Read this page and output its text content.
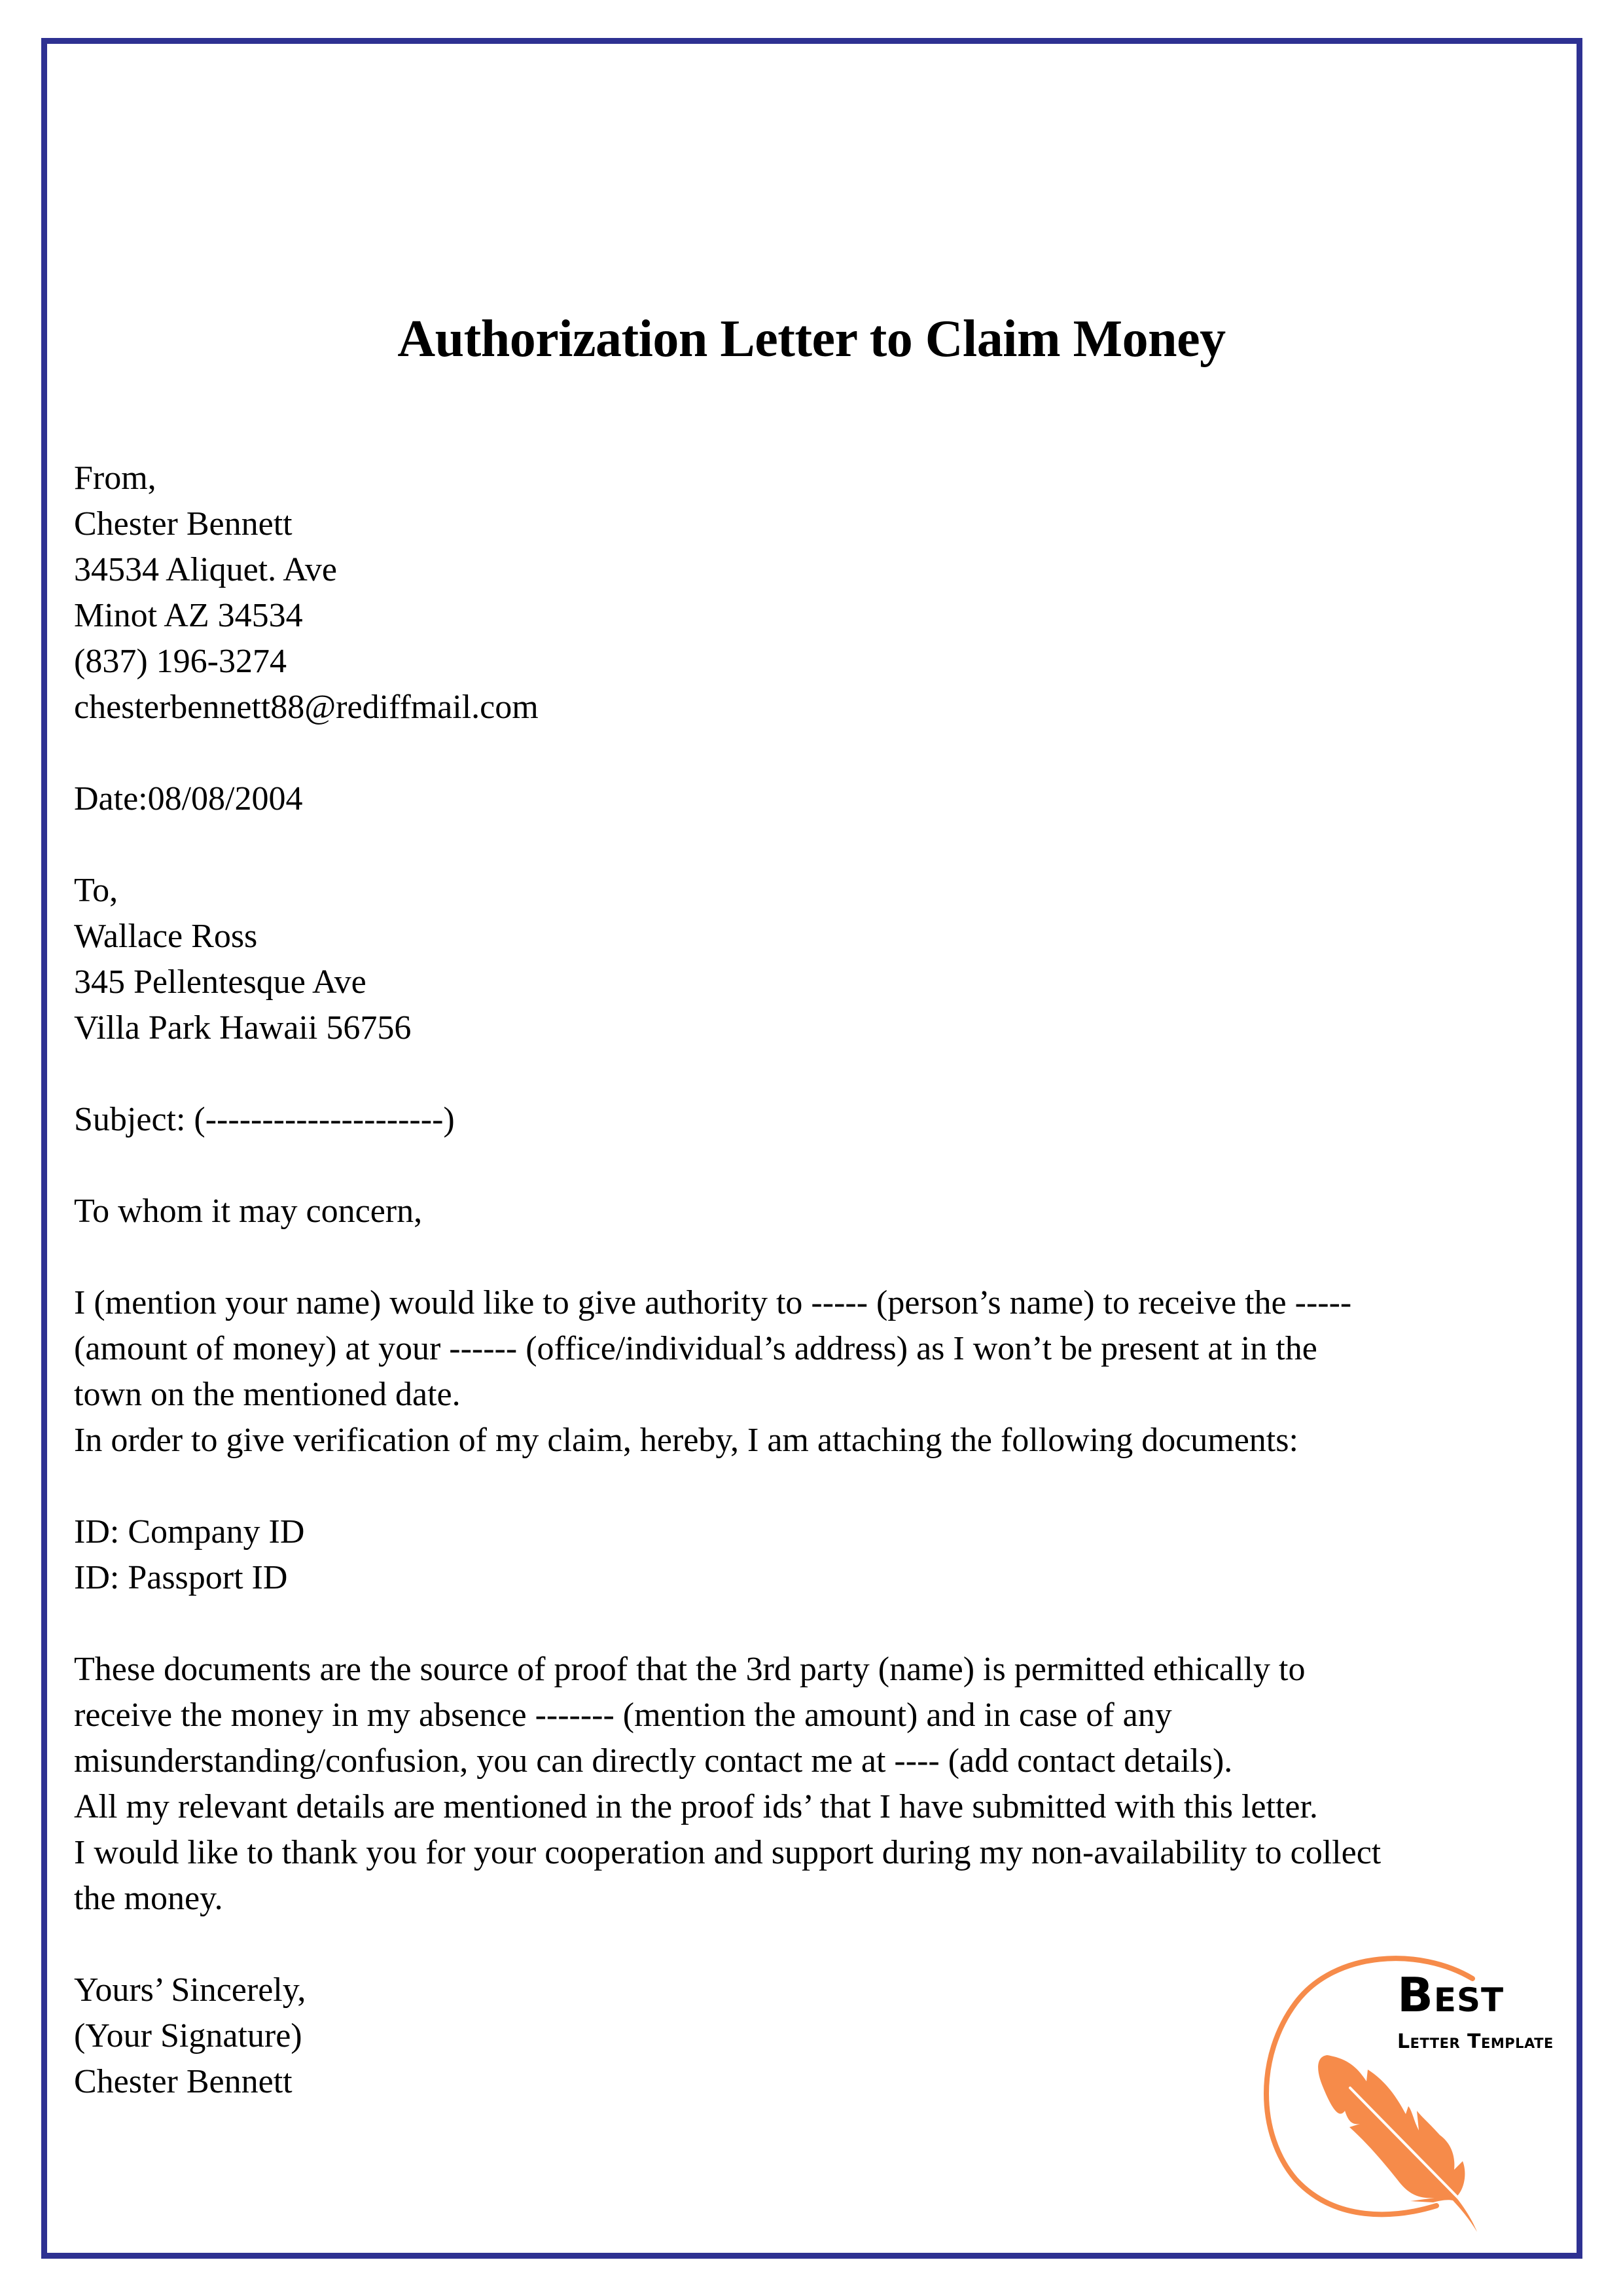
Authorization Letter to Claim Money
From,
Chester Bennett
34534 Aliquet. Ave
Minot AZ 34534
(837) 196-3274
chesterbennett88@rediffmail.com
Date:08/08/2004
To,
Wallace Ross
345 Pellentesque Ave
Villa Park Hawaii 56756
Subject: (---------------------)
To whom it may concern,
I (mention your name) would like to give authority to ----- (person’s name) to receive the -----
(amount of money) at your ------ (office/individual’s address) as I won’t be present at in the
town on the mentioned date.
In order to give verification of my claim, hereby, I am attaching the following documents:
ID: Company ID
ID: Passport ID
These documents are the source of proof that the 3rd party (name) is permitted ethically to
receive the money in my absence ------- (mention the amount) and in case of any
misunderstanding/confusion, you can directly contact me at ---- (add contact details).
All my relevant details are mentioned in the proof ids’ that I have submitted with this letter.
I would like to thank you for your cooperation and support during my non-availability to collect
the money.
Yours’ Sincerely,
(Your Signature)
Chester Bennett
Best
Letter Template
